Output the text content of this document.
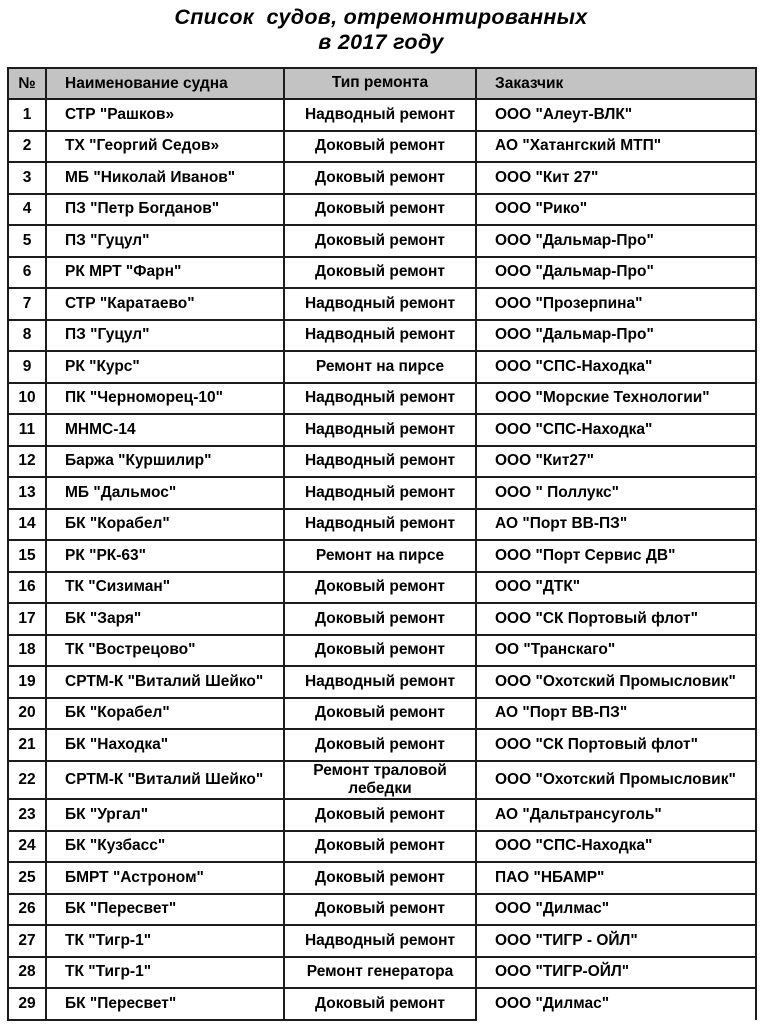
Список  судов, отремонтированных
в 2017 году
№	Наименование судна	Тип ремонта	Заказчик
1	СТР "Рашков»	Надводный ремонт	ООО "Алеут-ВЛК"
2	ТХ "Георгий Седов»	Доковый ремонт	АО "Хатангский МТП"
3	МБ "Николай Иванов"	Доковый ремонт	ООО "Кит 27"
4	ПЗ "Петр Богданов"	Доковый ремонт	ООО "Рико"
5	ПЗ "Гуцул"	Доковый ремонт	ООО "Дальмар-Про"
6	РК МРТ "Фарн"	Доковый ремонт	ООО "Дальмар-Про"
7	СТР "Каратаево"	Надводный ремонт	ООО "Прозерпина"
8	ПЗ "Гуцул"	Надводный ремонт	ООО "Дальмар-Про"
9	РК "Курс"	Ремонт на пирсе	ООО "СПС-Находка"
10	ПК "Черноморец-10"	Надводный ремонт	ООО "Морские Технологии"
11	МНМС-14	Надводный ремонт	ООО "СПС-Находка"
12	Баржа "Куршилир"	Надводный ремонт	ООО "Кит27"
13	МБ "Дальмос"	Надводный ремонт	ООО " Поллукс"
14	БК "Корабел"	Надводный ремонт	АО "Порт ВВ-ПЗ"
15	РК "РК-63"	Ремонт на пирсе	ООО "Порт Сервис ДВ"
16	ТК "Сизиман"	Доковый ремонт	ООО "ДТК"
17	БК "Заря"	Доковый ремонт	ООО "СК Портовый флот"
18	ТК "Вострецово"	Доковый ремонт	ОО "Транскаго"
19	СРТМ-К "Виталий Шейко"	Надводный ремонт	ООО "Охотский Промысловик"
20	БК "Корабел"	Доковый ремонт	АО "Порт ВВ-ПЗ"
21	БК "Находка"	Доковый ремонт	ООО "СК Портовый флот"
22	СРТМ-К "Виталий Шейко"	Ремонт траловой лебедки	ООО "Охотский Промысловик"
23	БК "Ургал"	Доковый ремонт	АО "Дальтрансуголь"
24	БК "Кузбасс"	Доковый ремонт	ООО "СПС-Находка"
25	БМРТ "Астроном"	Доковый ремонт	ПАО "НБАМР"
26	БК "Пересвет"	Доковый ремонт	ООО "Дилмас"
27	ТК "Тигр-1"	Надводный ремонт	ООО "ТИГР - ОЙЛ"
28	ТК "Тигр-1"	Ремонт генератора	ООО "ТИГР-ОЙЛ"
29	БК "Пересвет"	Доковый ремонт	ООО "Дилмас"
